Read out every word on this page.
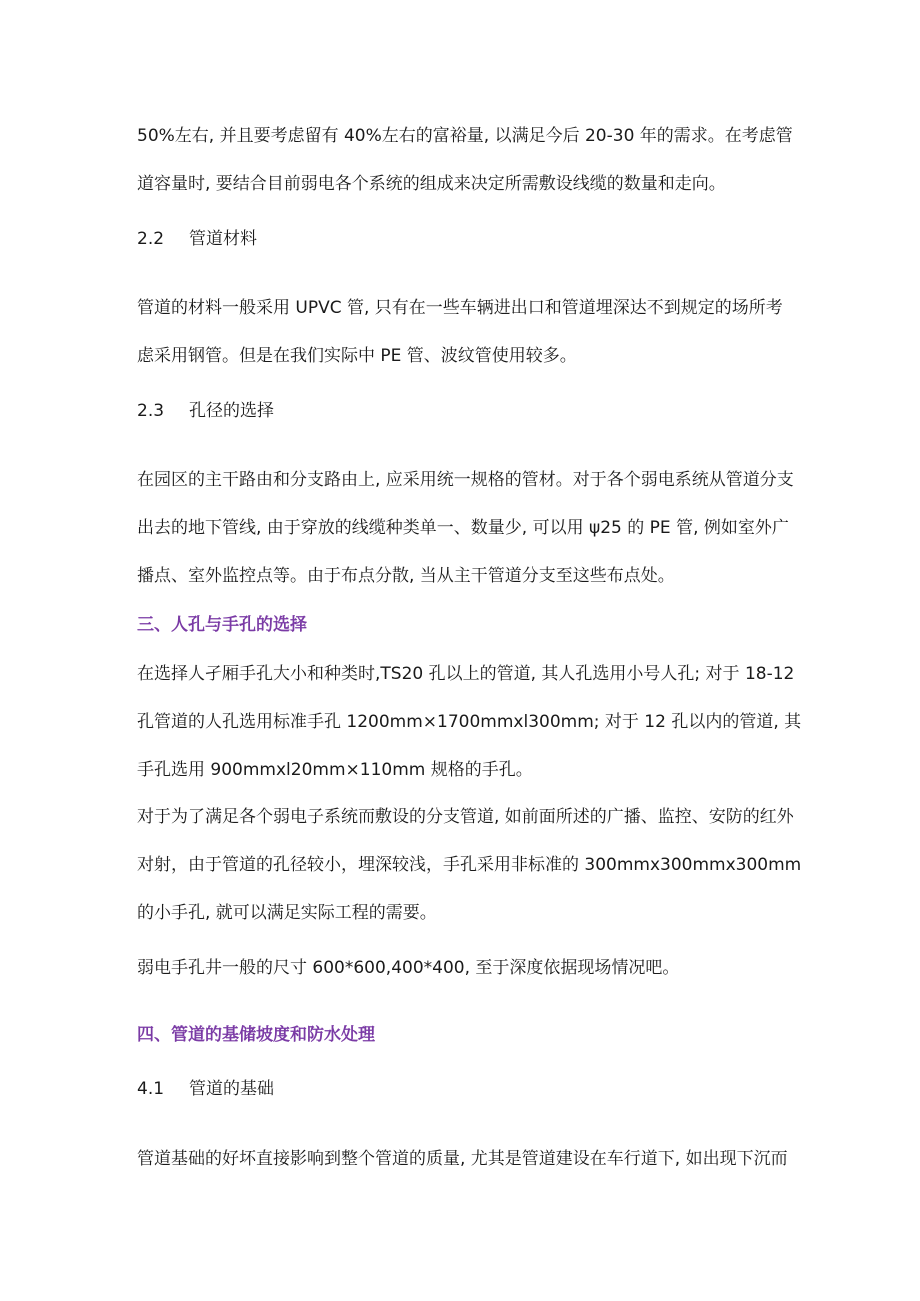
50%左右, 并且要考虑留有 40%左右的富裕量, 以满足今后 20-30 年的需求。在考虑管
道容量时, 要结合目前弱电各个系统的组成来决定所需敷设线缆的数量和走向。
2.2 管道材料
管道的材料一般采用 UPVC 管, 只有在一些车辆进出口和管道埋深达不到规定的场所考
虑采用钢管。但是在我们实际中 PE 管、波纹管使用较多。
2.3 孔径的选择
在园区的主干路由和分支路由上, 应采用统一规格的管材。对于各个弱电系统从管道分支
出去的地下管线, 由于穿放的线缆种类单一、数量少, 可以用 ψ25 的 PE 管, 例如室外广
播点、室外监控点等。由于布点分散, 当从主干管道分支至这些布点处。
三、人孔与手孔的选择
在选择人孑厢手孔大小和种类时,TS20 孔以上的管道, 其人孔选用小号人孔; 对于 18-12
孔管道的人孔选用标准手孔 1200mm×1700mmxl300mm; 对于 12 孔以内的管道, 其
手孔选用 900mmxl20mm×110mm 规格的手孔。
对于为了满足各个弱电子系统而敷设的分支管道, 如前面所述的广播、监控、安防的红外
对射，由于管道的孔径较小，埋深较浅，手孔采用非标准的 300mmx300mmx300mm
的小手孔, 就可以满足实际工程的需要。
弱电手孔井一般的尺寸 600*600,400*400, 至于深度依据现场情况吧。
四、管道的基储坡度和防水处理
4.1 管道的基础
管道基础的好坏直接影响到整个管道的质量, 尤其是管道建设在车行道下, 如出现下沉而
